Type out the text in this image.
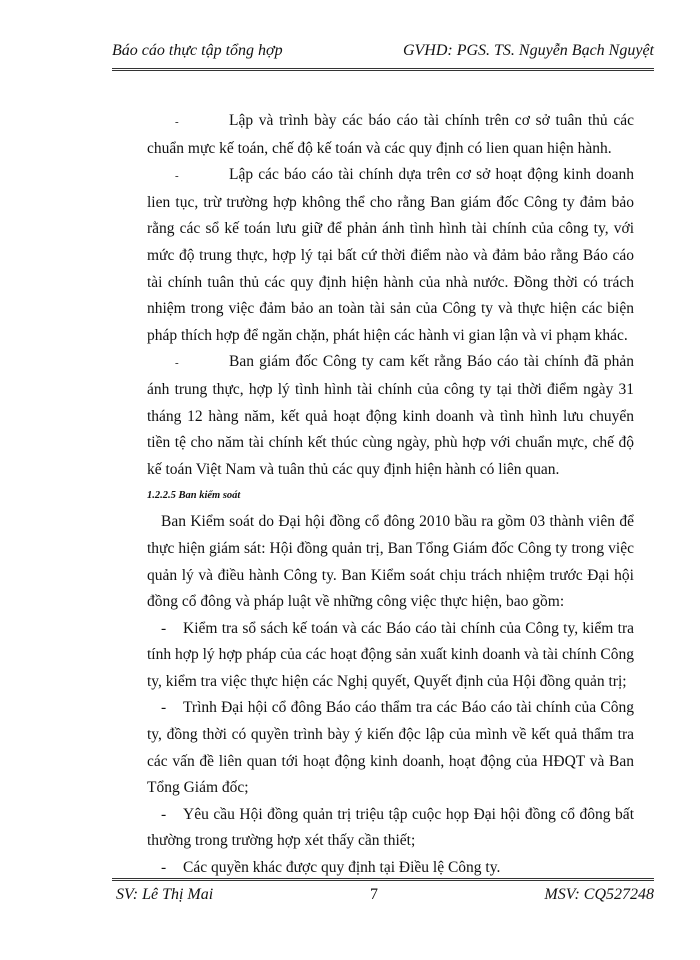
Báo cáo thực tập tổng hợp	GVHD: PGS. TS. Nguyễn Bạch Nguyệt

-	Lập và trình bày các báo cáo tài chính trên cơ sở tuân thủ các chuẩn mực kế toán, chế độ kế toán và các quy định có lien quan hiện hành.

-	Lập các báo cáo tài chính dựa trên cơ sở hoạt động kinh doanh lien tục, trừ trường hợp không thể cho rằng Ban giám đốc Công ty đảm bảo rằng các sổ kế toán lưu giữ để phản ánh tình hình tài chính của công ty, với mức độ trung thực, hợp lý tại bất cứ thời điểm nào và đảm bảo rằng Báo cáo tài chính tuân thủ các quy định hiện hành của nhà nước. Đồng thời có trách nhiệm trong việc đảm bảo an toàn tài sản của Công ty và thực hiện các biện pháp thích hợp để ngăn chặn, phát hiện các hành vi gian lận và vi phạm khác.

-	Ban giám đốc Công ty cam kết rằng Báo cáo tài chính đã phản ánh trung thực, hợp lý tình hình tài chính của công ty tại thời điểm ngày 31 tháng 12 hàng năm, kết quả hoạt động kinh doanh và tình hình lưu chuyển tiền tệ cho năm tài chính kết thúc cùng ngày, phù hợp với chuẩn mực, chế độ kế toán Việt Nam và tuân thủ các quy định hiện hành có liên quan.

1.2.2.5 Ban kiểm soát

Ban Kiểm soát do Đại hội đồng cổ đông 2010 bầu ra gồm 03 thành viên để thực hiện giám sát: Hội đồng quản trị, Ban Tổng Giám đốc Công ty trong việc quản lý và điều hành Công ty. Ban Kiểm soát chịu trách nhiệm trước Đại hội đồng cổ đông và pháp luật về những công việc thực hiện, bao gồm:

- Kiểm tra sổ sách kế toán và các Báo cáo tài chính của Công ty, kiểm tra tính hợp lý hợp pháp của các hoạt động sản xuất kinh doanh và tài chính Công ty, kiểm tra việc thực hiện các Nghị quyết, Quyết định của Hội đồng quản trị;

- Trình Đại hội cổ đông Báo cáo thẩm tra các Báo cáo tài chính của Công ty, đồng thời có quyền trình bày ý kiến độc lập của mình về kết quả thẩm tra các vấn đề liên quan tới hoạt động kinh doanh, hoạt động của HĐQT và Ban Tổng Giám đốc;

- Yêu cầu Hội đồng quản trị triệu tập cuộc họp Đại hội đồng cổ đông bất thường trong trường hợp xét thấy cần thiết;

- Các quyền khác được quy định tại Điều lệ Công ty.

SV: Lê Thị Mai	7	MSV: CQ527248
